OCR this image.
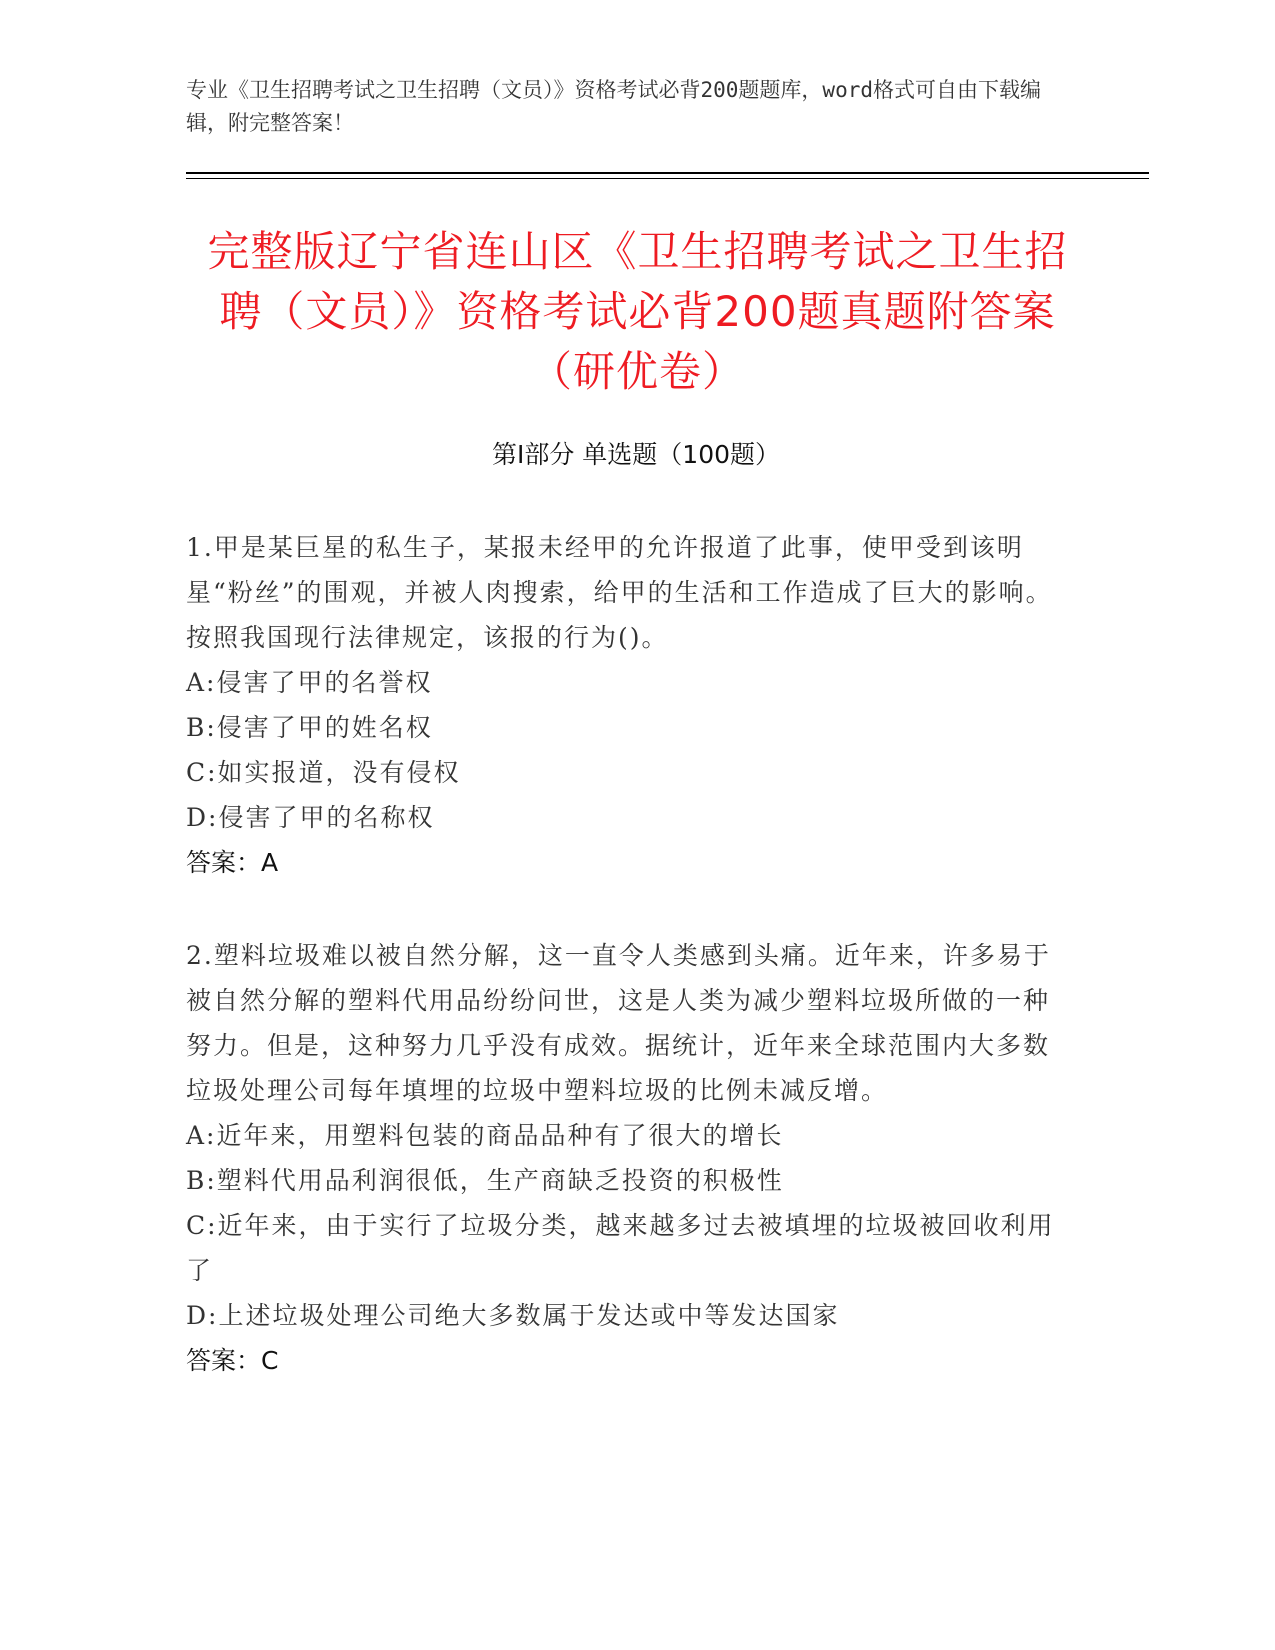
专业《卫生招聘考试之卫生招聘（文员）》资格考试必背200题题库，word格式可自由下载编辑，附完整答案！
完整版辽宁省连山区《卫生招聘考试之卫生招聘（文员）》资格考试必背200题真题附答案（研优卷）
第Ⅰ部分 单选题（100题）

1.甲是某巨星的私生子，某报未经甲的允许报道了此事，使甲受到该明星“粉丝”的围观，并被人肉搜索，给甲的生活和工作造成了巨大的影响。按照我国现行法律规定，该报的行为()。

A:侵害了甲的名誉权

B:侵害了甲的姓名权

C:如实报道，没有侵权

D:侵害了甲的名称权

答案：A

2.塑料垃圾难以被自然分解，这一直令人类感到头痛。近年来，许多易于被自然分解的塑料代用品纷纷问世，这是人类为减少塑料垃圾所做的一种努力。但是，这种努力几乎没有成效。据统计，近年来全球范围内大多数垃圾处理公司每年填埋的垃圾中塑料垃圾的比例未减反增。

A:近年来，用塑料包装的商品品种有了很大的增长

B:塑料代用品利润很低，生产商缺乏投资的积极性

C:近年来，由于实行了垃圾分类，越来越多过去被填埋的垃圾被回收利用了

D:上述垃圾处理公司绝大多数属于发达或中等发达国家

答案：C
